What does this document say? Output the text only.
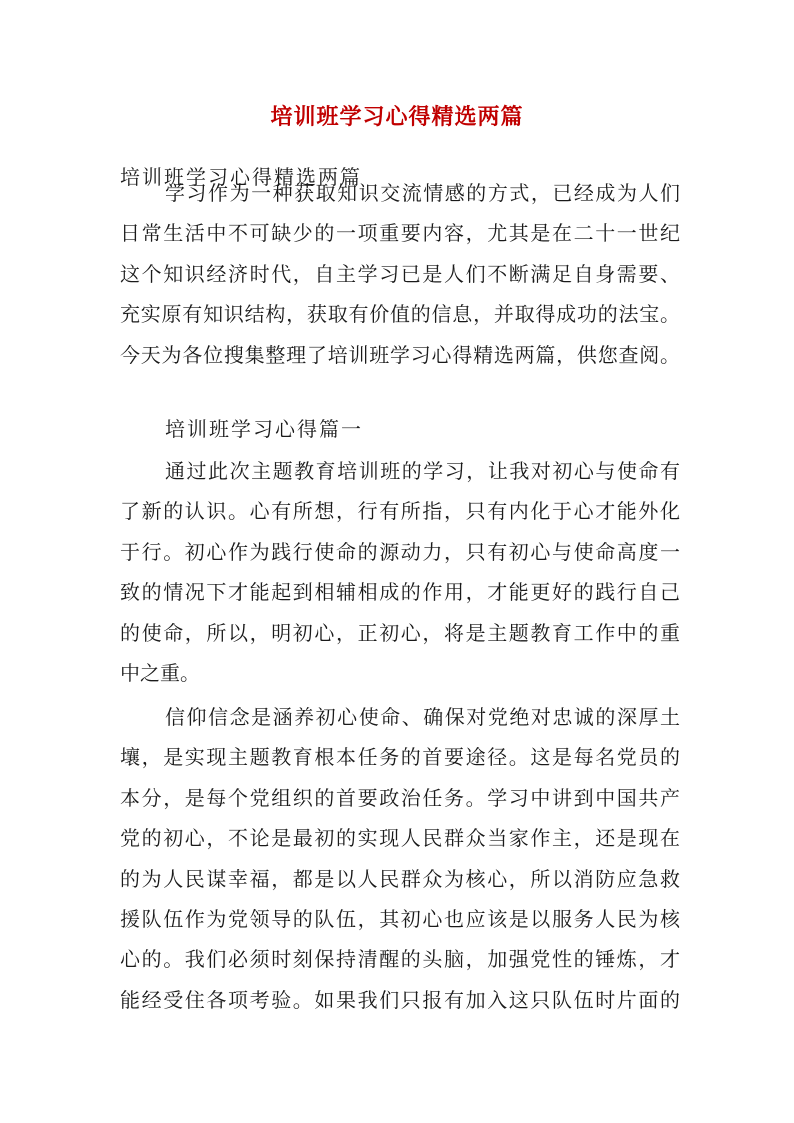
培训班学习心得精选两篇
培训班学习心得精选两篇
学习作为一种获取知识交流情感的方式，已经成为人们
日常生活中不可缺少的一项重要内容，尤其是在二十一世纪
这个知识经济时代，自主学习已是人们不断满足自身需要、
充实原有知识结构，获取有价值的信息，并取得成功的法宝。
今天为各位搜集整理了培训班学习心得精选两篇，供您查阅。
培训班学习心得篇一
通过此次主题教育培训班的学习，让我对初心与使命有
了新的认识。心有所想，行有所指，只有内化于心才能外化
于行。初心作为践行使命的源动力，只有初心与使命高度一
致的情况下才能起到相辅相成的作用，才能更好的践行自己
的使命，所以，明初心，正初心，将是主题教育工作中的重
中之重。
信仰信念是涵养初心使命、确保对党绝对忠诚的深厚土
壤，是实现主题教育根本任务的首要途径。这是每名党员的
本分，是每个党组织的首要政治任务。学习中讲到中国共产
党的初心，不论是最初的实现人民群众当家作主，还是现在
的为人民谋幸福，都是以人民群众为核心，所以消防应急救
援队伍作为党领导的队伍，其初心也应该是以服务人民为核
心的。我们必须时刻保持清醒的头脑，加强党性的锤炼，才
能经受住各项考验。如果我们只报有加入这只队伍时片面的
